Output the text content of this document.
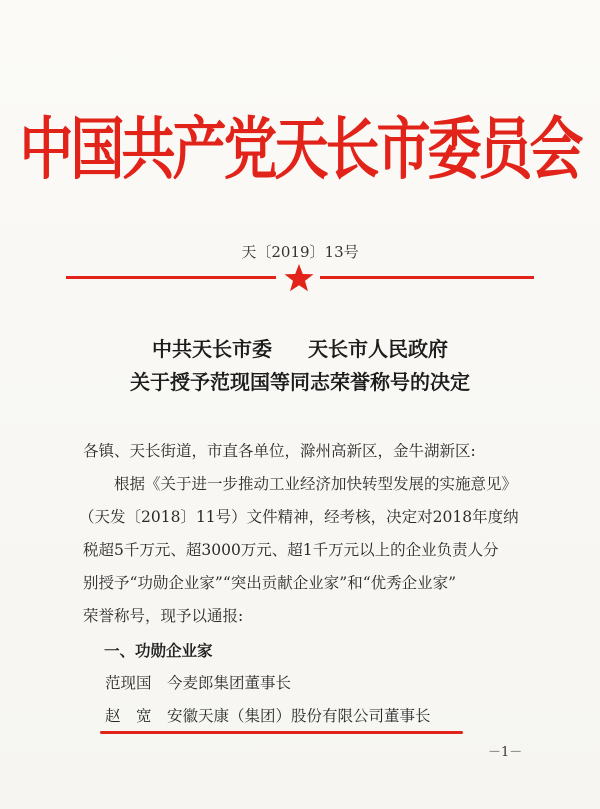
中国共产党天长市委员会
天〔2019〕13号
中共天长市委 天长市人民政府
关于授予范现国等同志荣誉称号的决定
各镇、天长街道，市直各单位，滁州高新区，金牛湖新区:
根据《关于进一步推动工业经济加快转型发展的实施意见》
（天发〔2018〕11号）文件精神，经考核，决定对2018年度纳
税超5千万元、超3000万元、超1千万元以上的企业负责人分
别授予“功勋企业家”“突出贡献企业家”和“优秀企业家”
荣誉称号，现予以通报:
一、功勋企业家
范现国 今麦郎集团董事长
赵　宽 安徽天康（集团）股份有限公司董事长
－1－
